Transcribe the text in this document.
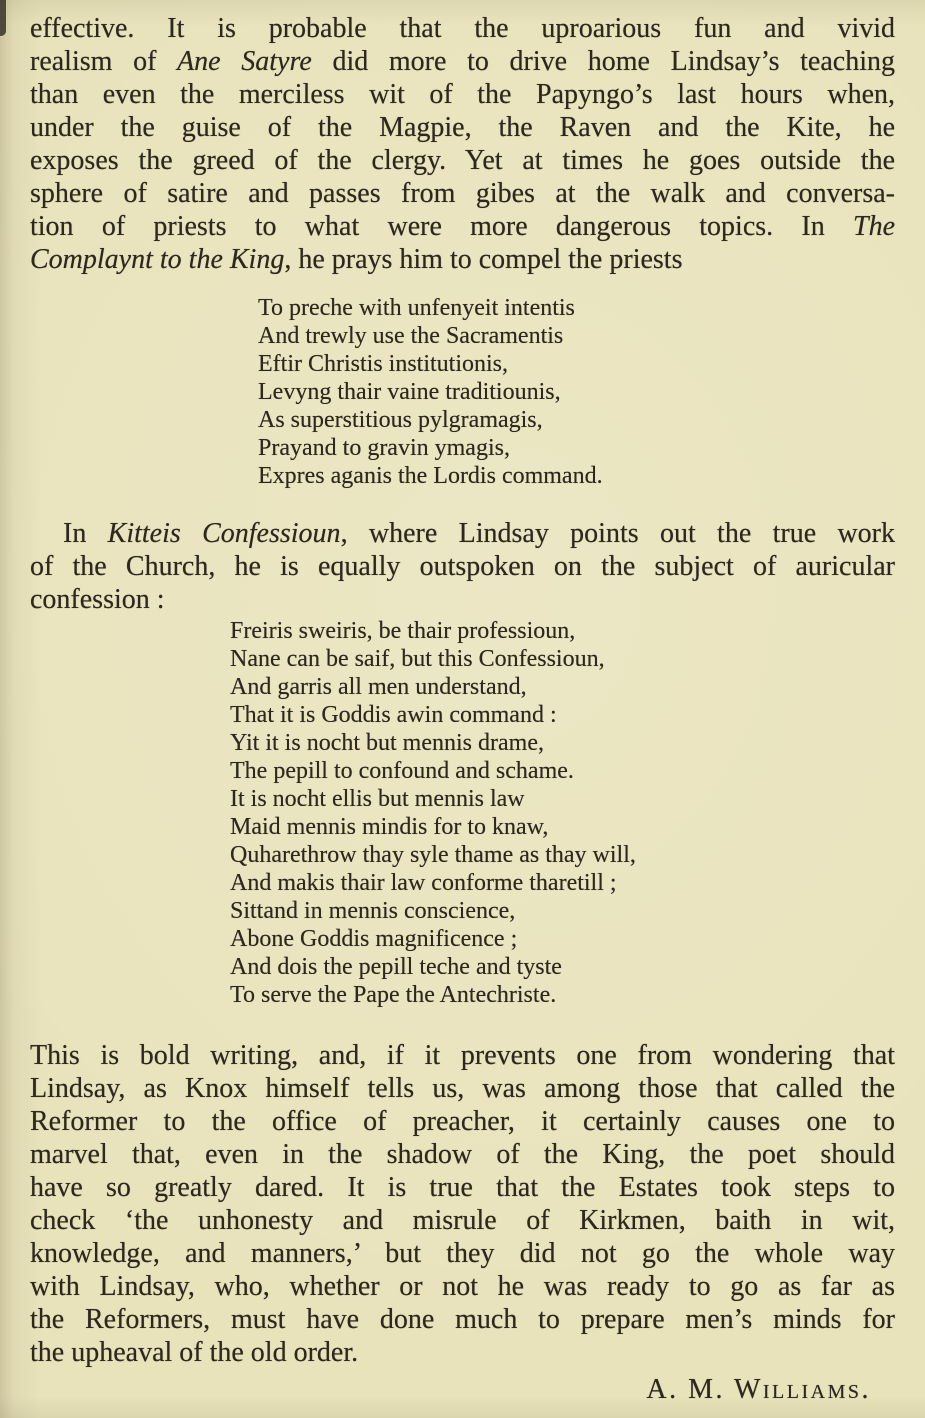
effective. It is probable that the uproarious fun and vivid
realism of Ane Satyre did more to drive home Lindsay’s teaching
than even the merciless wit of the Papyngo’s last hours when,
under the guise of the Magpie, the Raven and the Kite, he
exposes the greed of the clergy. Yet at times he goes outside the
sphere of satire and passes from gibes at the walk and conversa-
tion of priests to what were more dangerous topics. In The
Complaynt to the King, he prays him to compel the priests
To preche with unfenyeit intentis
And trewly use the Sacramentis
Eftir Christis institutionis,
Levyng thair vaine traditiounis,
As superstitious pylgramagis,
Prayand to gravin ymagis,
Expres aganis the Lordis command.
In Kitteis Confessioun, where Lindsay points out the true work
of the Church, he is equally outspoken on the subject of auricular
confession :
Freiris sweiris, be thair professioun,
Nane can be saif, but this Confessioun,
And garris all men understand,
That it is Goddis awin command :
Yit it is nocht but mennis drame,
The pepill to confound and schame.
It is nocht ellis but mennis law
Maid mennis mindis for to knaw,
Quharethrow thay syle thame as thay will,
And makis thair law conforme tharetill ;
Sittand in mennis conscience,
Abone Goddis magnificence ;
And dois the pepill teche and tyste
To serve the Pape the Antechriste.
This is bold writing, and, if it prevents one from wondering that
Lindsay, as Knox himself tells us, was among those that called the
Reformer to the office of preacher, it certainly causes one to
marvel that, even in the shadow of the King, the poet should
have so greatly dared. It is true that the Estates took steps to
check ‘the unhonesty and misrule of Kirkmen, baith in wit,
knowledge, and manners,’ but they did not go the whole way
with Lindsay, who, whether or not he was ready to go as far as
the Reformers, must have done much to prepare men’s minds for
the upheaval of the old order.
A. M. Williams.
